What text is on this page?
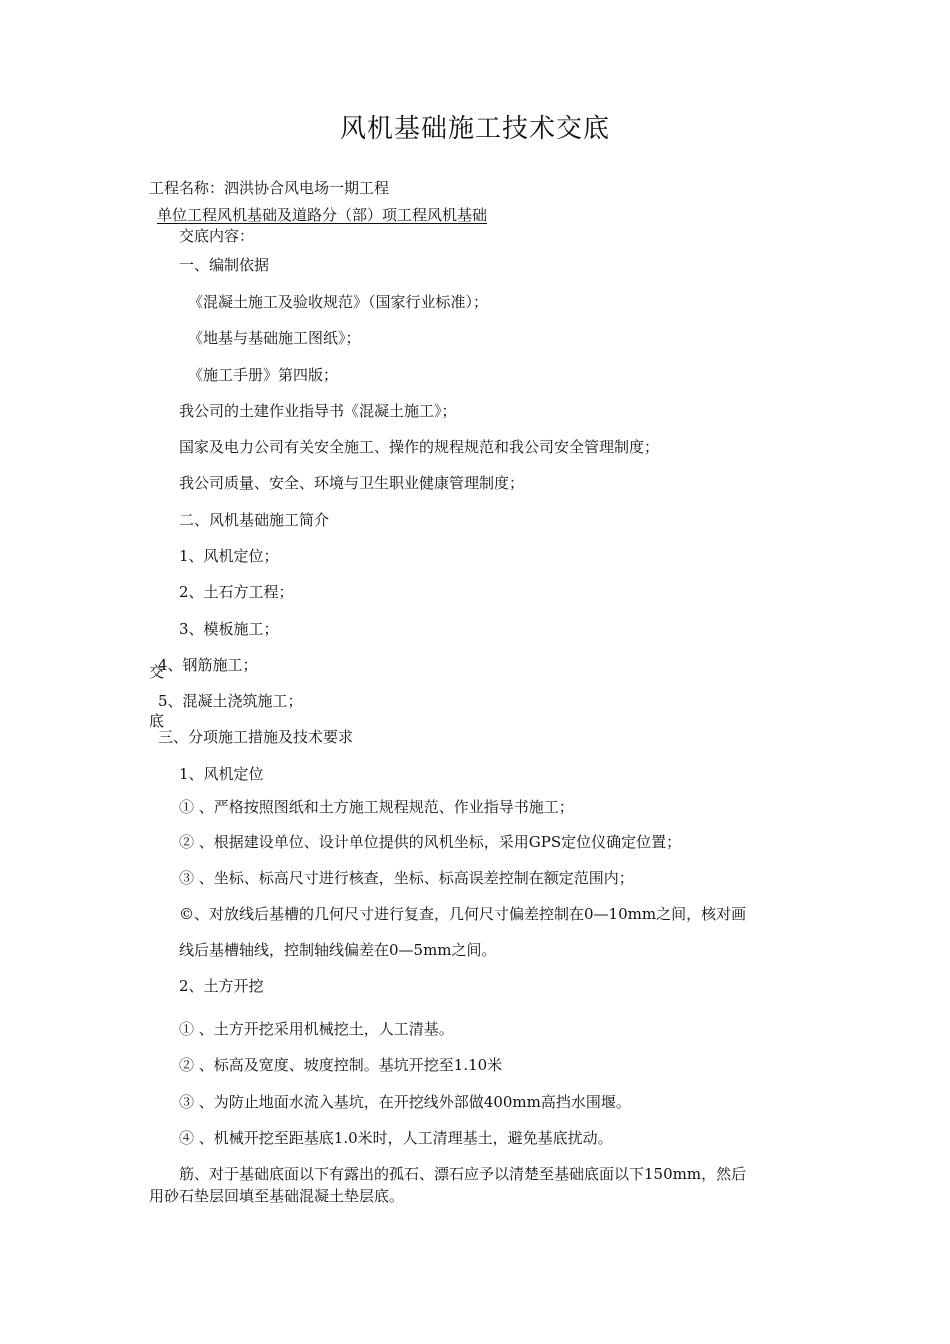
风机基础施工技术交底
工程名称：泗洪协合风电场一期工程
单位工程风机基础及道路分（部）项工程风机基础
交底内容：
一、编制依据
《混凝土施工及验收规范》（国家行业标准）；
《地基与基础施工图纸》；
《施工手册》第四版；
我公司的土建作业指导书《混凝土施工》；
国家及电力公司有关安全施工、操作的规程规范和我公司安全管理制度；
我公司质量、安全、环境与卫生职业健康管理制度；
二、风机基础施工简介
1、风机定位；
2、土石方工程；
3、模板施工；
4、钢筋施工；
5、混凝土浇筑施工；
交
底
三、分项施工措施及技术要求
1、风机定位
① 、严格按照图纸和土方施工规程规范、作业指导书施工；
② 、根据建设单位、设计单位提供的风机坐标，采用GPS定位仪确定位置；
③ 、坐标、标高尺寸进行核查，坐标、标高误差控制在额定范围内；
©、对放线后基槽的几何尺寸进行复查，几何尺寸偏差控制在0—10mm之间，核对画
线后基槽轴线，控制轴线偏差在0—5mm之间。
2、土方开挖
① 、土方开挖采用机械挖土，人工清基。
② 、标高及宽度、坡度控制。基坑开挖至1.10米
③ 、为防止地面水流入基坑，在开挖线外部做400mm高挡水围堰。
④ 、机械开挖至距基底1.0米时，人工清理基土，避免基底扰动。
筋、对于基础底面以下有露出的孤石、漂石应予以清楚至基础底面以下150mm，然后
用砂石垫层回填至基础混凝土垫层底。
